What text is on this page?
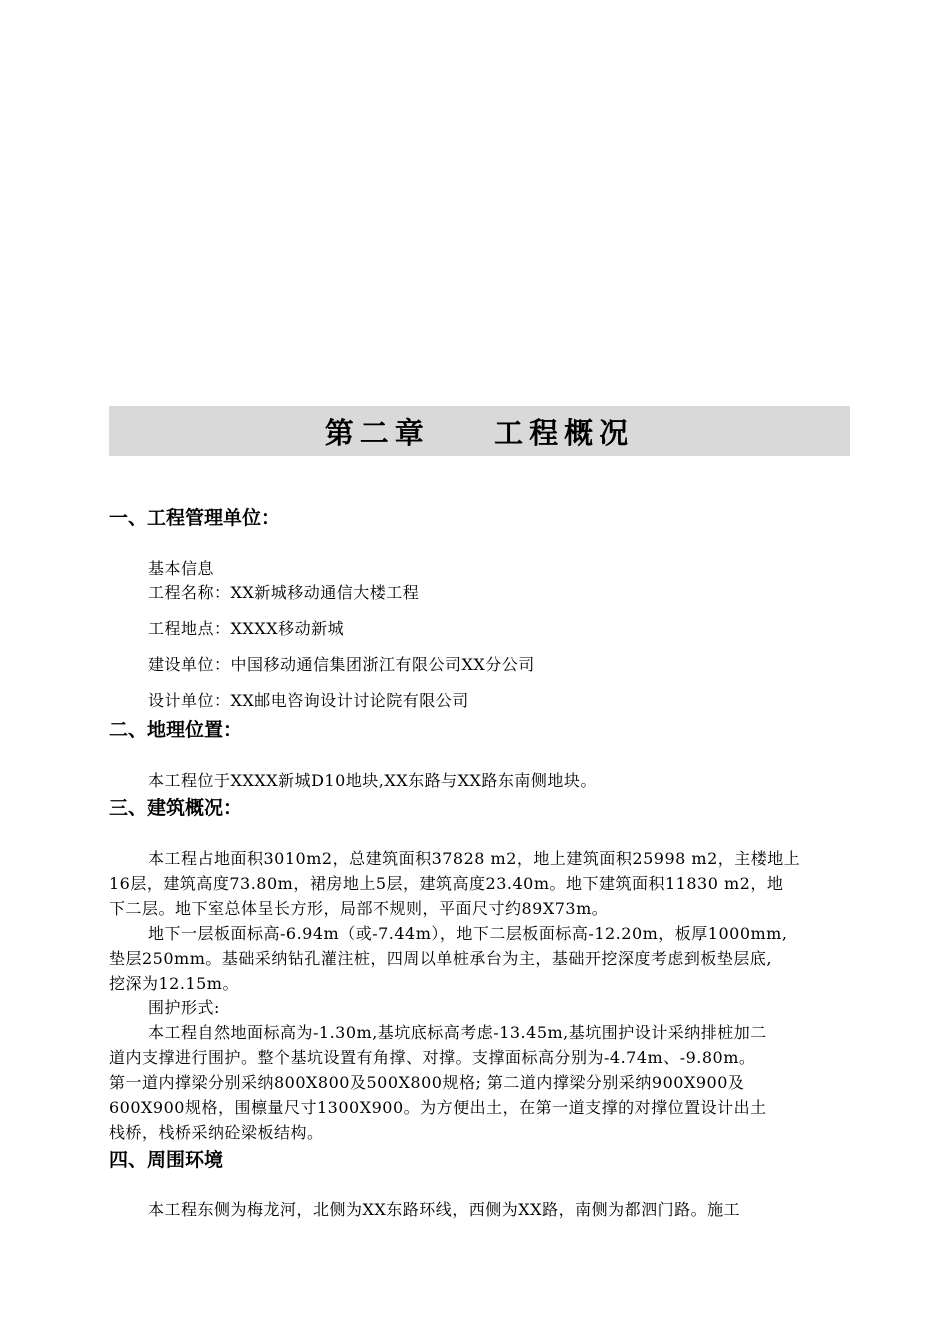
第二章    工程概况
一、工程管理单位：
基本信息
工程名称：XX新城移动通信大楼工程
工程地点：XXXX移动新城
建设单位：中国移动通信集团浙江有限公司XX分公司
设计单位：XX邮电咨询设计讨论院有限公司
二、地理位置：
本工程位于XXXX新城D10地块,XX东路与XX路东南侧地块。
三、建筑概况：
本工程占地面积3010m2，总建筑面积37828 m2，地上建筑面积25998 m2，主楼地上
16层，建筑高度73.80m，裙房地上5层，建筑高度23.40m。地下建筑面积11830 m2，地
下二层。地下室总体呈长方形，局部不规则，平面尺寸约89X73m。
地下一层板面标高-6.94m（或-7.44m），地下二层板面标高-12.20m，板厚1000mm,
垫层250mm。基础采纳钻孔灌注桩，四周以单桩承台为主，基础开挖深度考虑到板垫层底,
挖深为12.15m。
围护形式:
本工程自然地面标高为-1.30m,基坑底标高考虑-13.45m,基坑围护设计采纳排桩加二
道内支撑进行围护。整个基坑设置有角撑、对撑。支撑面标高分别为-4.74m、-9.80m。
第一道内撑梁分别采纳800X800及500X800规格; 第二道内撑梁分别采纳900X900及
600X900规格，围檩量尺寸1300X900。为方便出土，在第一道支撑的对撑位置设计出土
栈桥，栈桥采纳砼梁板结构。
四、周围环境
本工程东侧为梅龙河，北侧为XX东路环线，西侧为XX路，南侧为都泗门路。施工
